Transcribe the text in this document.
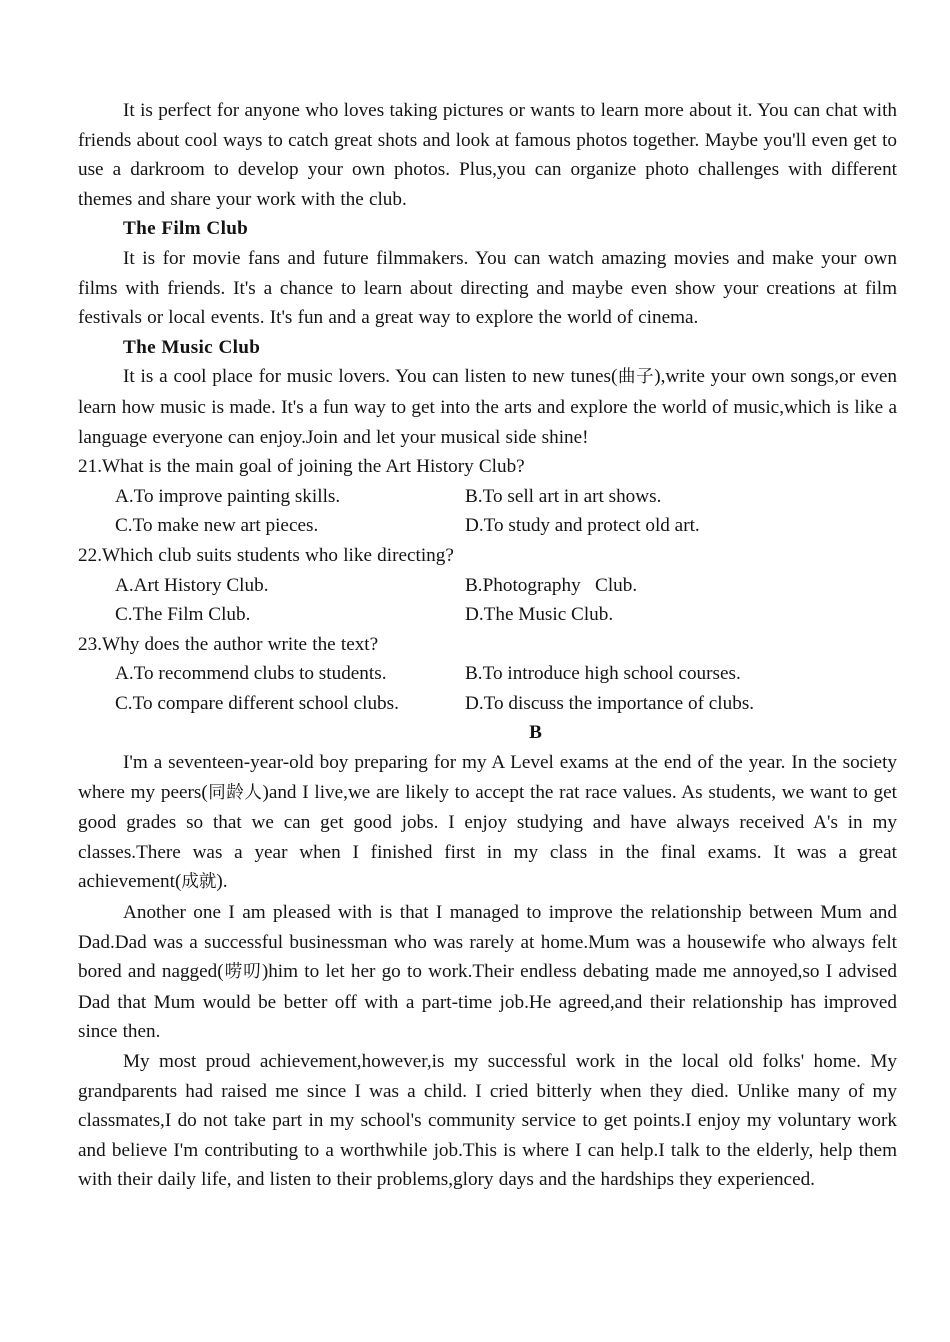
It is perfect for anyone who loves taking pictures or wants to learn more about it. You can chat with friends about cool ways to catch great shots and look at famous photos together. Maybe you'll even get to use a darkroom to develop your own photos. Plus,you can organize photo challenges with different themes and share your work with the club.

The Film Club

It is for movie fans and future filmmakers. You can watch amazing movies and make your own films with friends. It's a chance to learn about directing and maybe even show your creations at film festivals or local events. It's fun and a great way to explore the world of cinema.

The Music Club

It is a cool place for music lovers. You can listen to new tunes(曲子),write your own songs,or even learn how music is made. It's a fun way to get into the arts and explore the world of music,which is like a language everyone can enjoy.Join and let your musical side shine!

21.What is the main goal of joining the Art History Club?

A.To improve painting skills.	B.To sell art in art shows.
C.To make new art pieces.	D.To study and protect old art.

22.Which club suits students who like directing?

A.Art History Club.	B.Photography   Club.
C.The Film Club.	D.The Music Club.

23.Why does the author write the text?

A.To recommend clubs to students.	B.To introduce high school courses.
C.To compare different school clubs.	D.To discuss the importance of clubs.

B

I'm a seventeen-year-old boy preparing for my A Level exams at the end of the year. In the society where my peers(同龄人)and I live,we are likely to accept the rat race values. As students, we want to get good grades so that we can get good jobs. I enjoy studying and have always received A's in my classes.There was a year when I finished first in my class in the final exams. It was a great achievement(成就).

Another one I am pleased with is that I managed to improve the relationship between Mum and Dad.Dad was a successful businessman who was rarely at home.Mum was a housewife who always felt bored and nagged(唠叨)him to let her go to work.Their endless debating made me annoyed,so I advised Dad that Mum would be better off with a part-time job.He agreed,and their relationship has improved since then.

My most proud achievement,however,is my successful work in the local old folks' home. My grandparents had raised me since I was a child. I cried bitterly when they died. Unlike many of my classmates,I do not take part in my school's community service to get points.I enjoy my voluntary work and believe I'm contributing to a worthwhile job.This is where I can help.I talk to the elderly, help them with their daily life, and listen to their problems,glory days and the hardships they experienced.
